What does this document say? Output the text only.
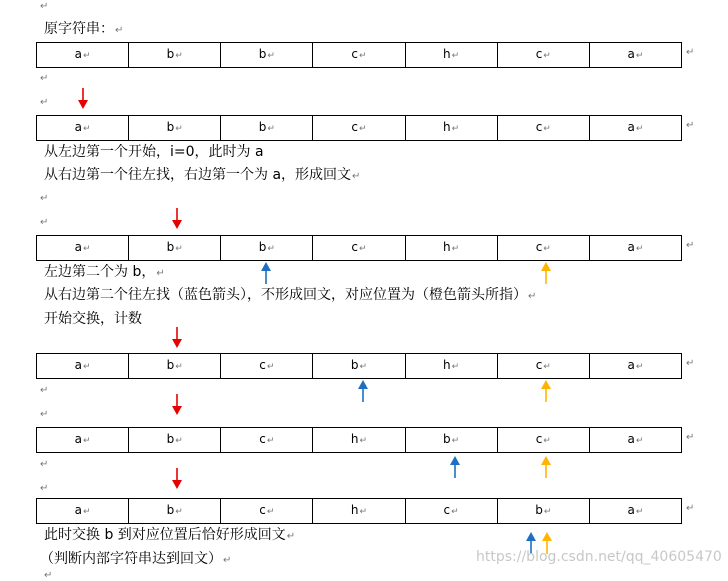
↵
原字符串：↵
a↵	b↵	b↵	c↵	h↵	c↵	a↵	↵
↵
↵
a↵	b↵	b↵	c↵	h↵	c↵	a↵	↵
从左边第一个开始，i=0，此时为 a
从右边第一个往左找，右边第一个为 a，形成回文↵
↵
↵
a↵	b↵	b↵	c↵	h↵	c↵	a↵	↵
左边第二个为 b，↵
从右边第二个往左找（蓝色箭头），不形成回文，对应位置为（橙色箭头所指）↵
开始交换，计数
a↵	b↵	c↵	b↵	h↵	c↵	a↵	↵
↵
↵
a↵	b↵	c↵	h↵	b↵	c↵	a↵	↵
↵
↵
a↵	b↵	c↵	h↵	c↵	b↵	a↵	↵
此时交换 b 到对应位置后恰好形成回文↵
（判断内部字符串达到回文）↵
↵
https://blog.csdn.net/qq_40605470
